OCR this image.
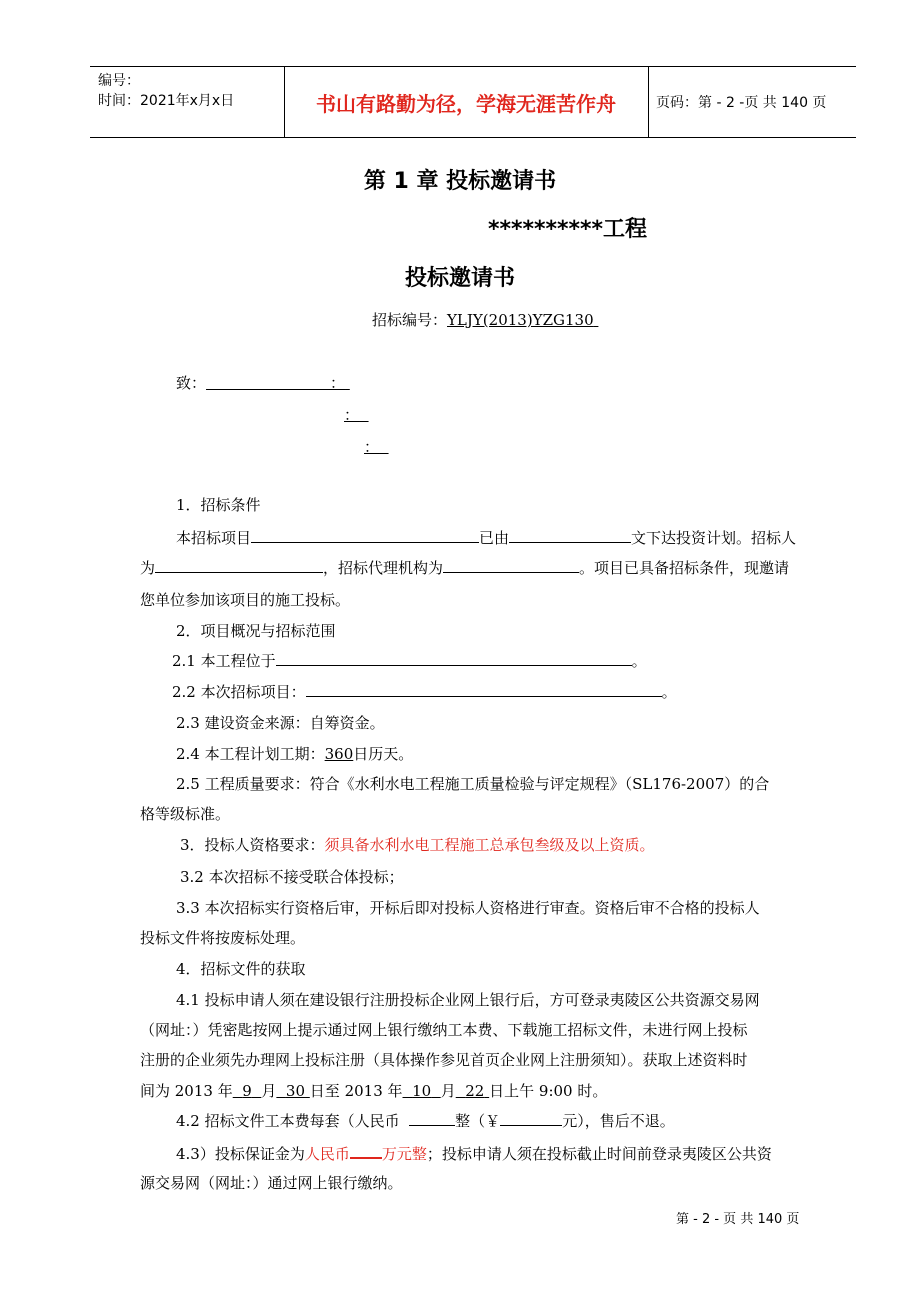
编号：
时间：2021年x月x日	书山有路勤为径，学海无涯苦作舟	页码：第 - 2 -页 共 140 页
第 1 章 投标邀请书
**********工程
投标邀请书
招标编号：YLJY(2013)YZG130
致：	：
：
：
1．招标条件
本招标项目	已由	文下达投资计划。招标人
为	，招标代理机构为	。项目已具备招标条件，现邀请
您单位参加该项目的施工投标。
2．项目概况与招标范围
2.1 本工程位于	。
2.2 本次招标项目：	。
2.3 建设资金来源：自筹资金。
2.4 本工程计划工期：360日历天。
2.5 工程质量要求：符合《水利水电工程施工质量检验与评定规程》（SL176-2007）的合
格等级标准。
3．投标人资格要求：须具备水利水电工程施工总承包叁级及以上资质。
3.2 本次招标不接受联合体投标；
3.3 本次招标实行资格后审，开标后即对投标人资格进行审查。资格后审不合格的投标人
投标文件将按废标处理。
4．招标文件的获取
4.1 投标申请人须在建设银行注册投标企业网上银行后，方可登录夷陵区公共资源交易网
（网址：）凭密匙按网上提示通过网上银行缴纳工本费、下载施工招标文件，未进行网上投标
注册的企业须先办理网上投标注册（具体操作参见首页企业网上注册须知）。获取上述资料时
间为 2013 年 9 月 30 日至 2013 年 10 月 22 日上午 9:00 时。
4.2 招标文件工本费每套（人民币	整（￥	元），售后不退。
4.3）投标保证金为人民币 万元整；投标申请人须在投标截止时间前登录夷陵区公共资
源交易网（网址：）通过网上银行缴纳。
第 - 2 - 页 共 140 页
